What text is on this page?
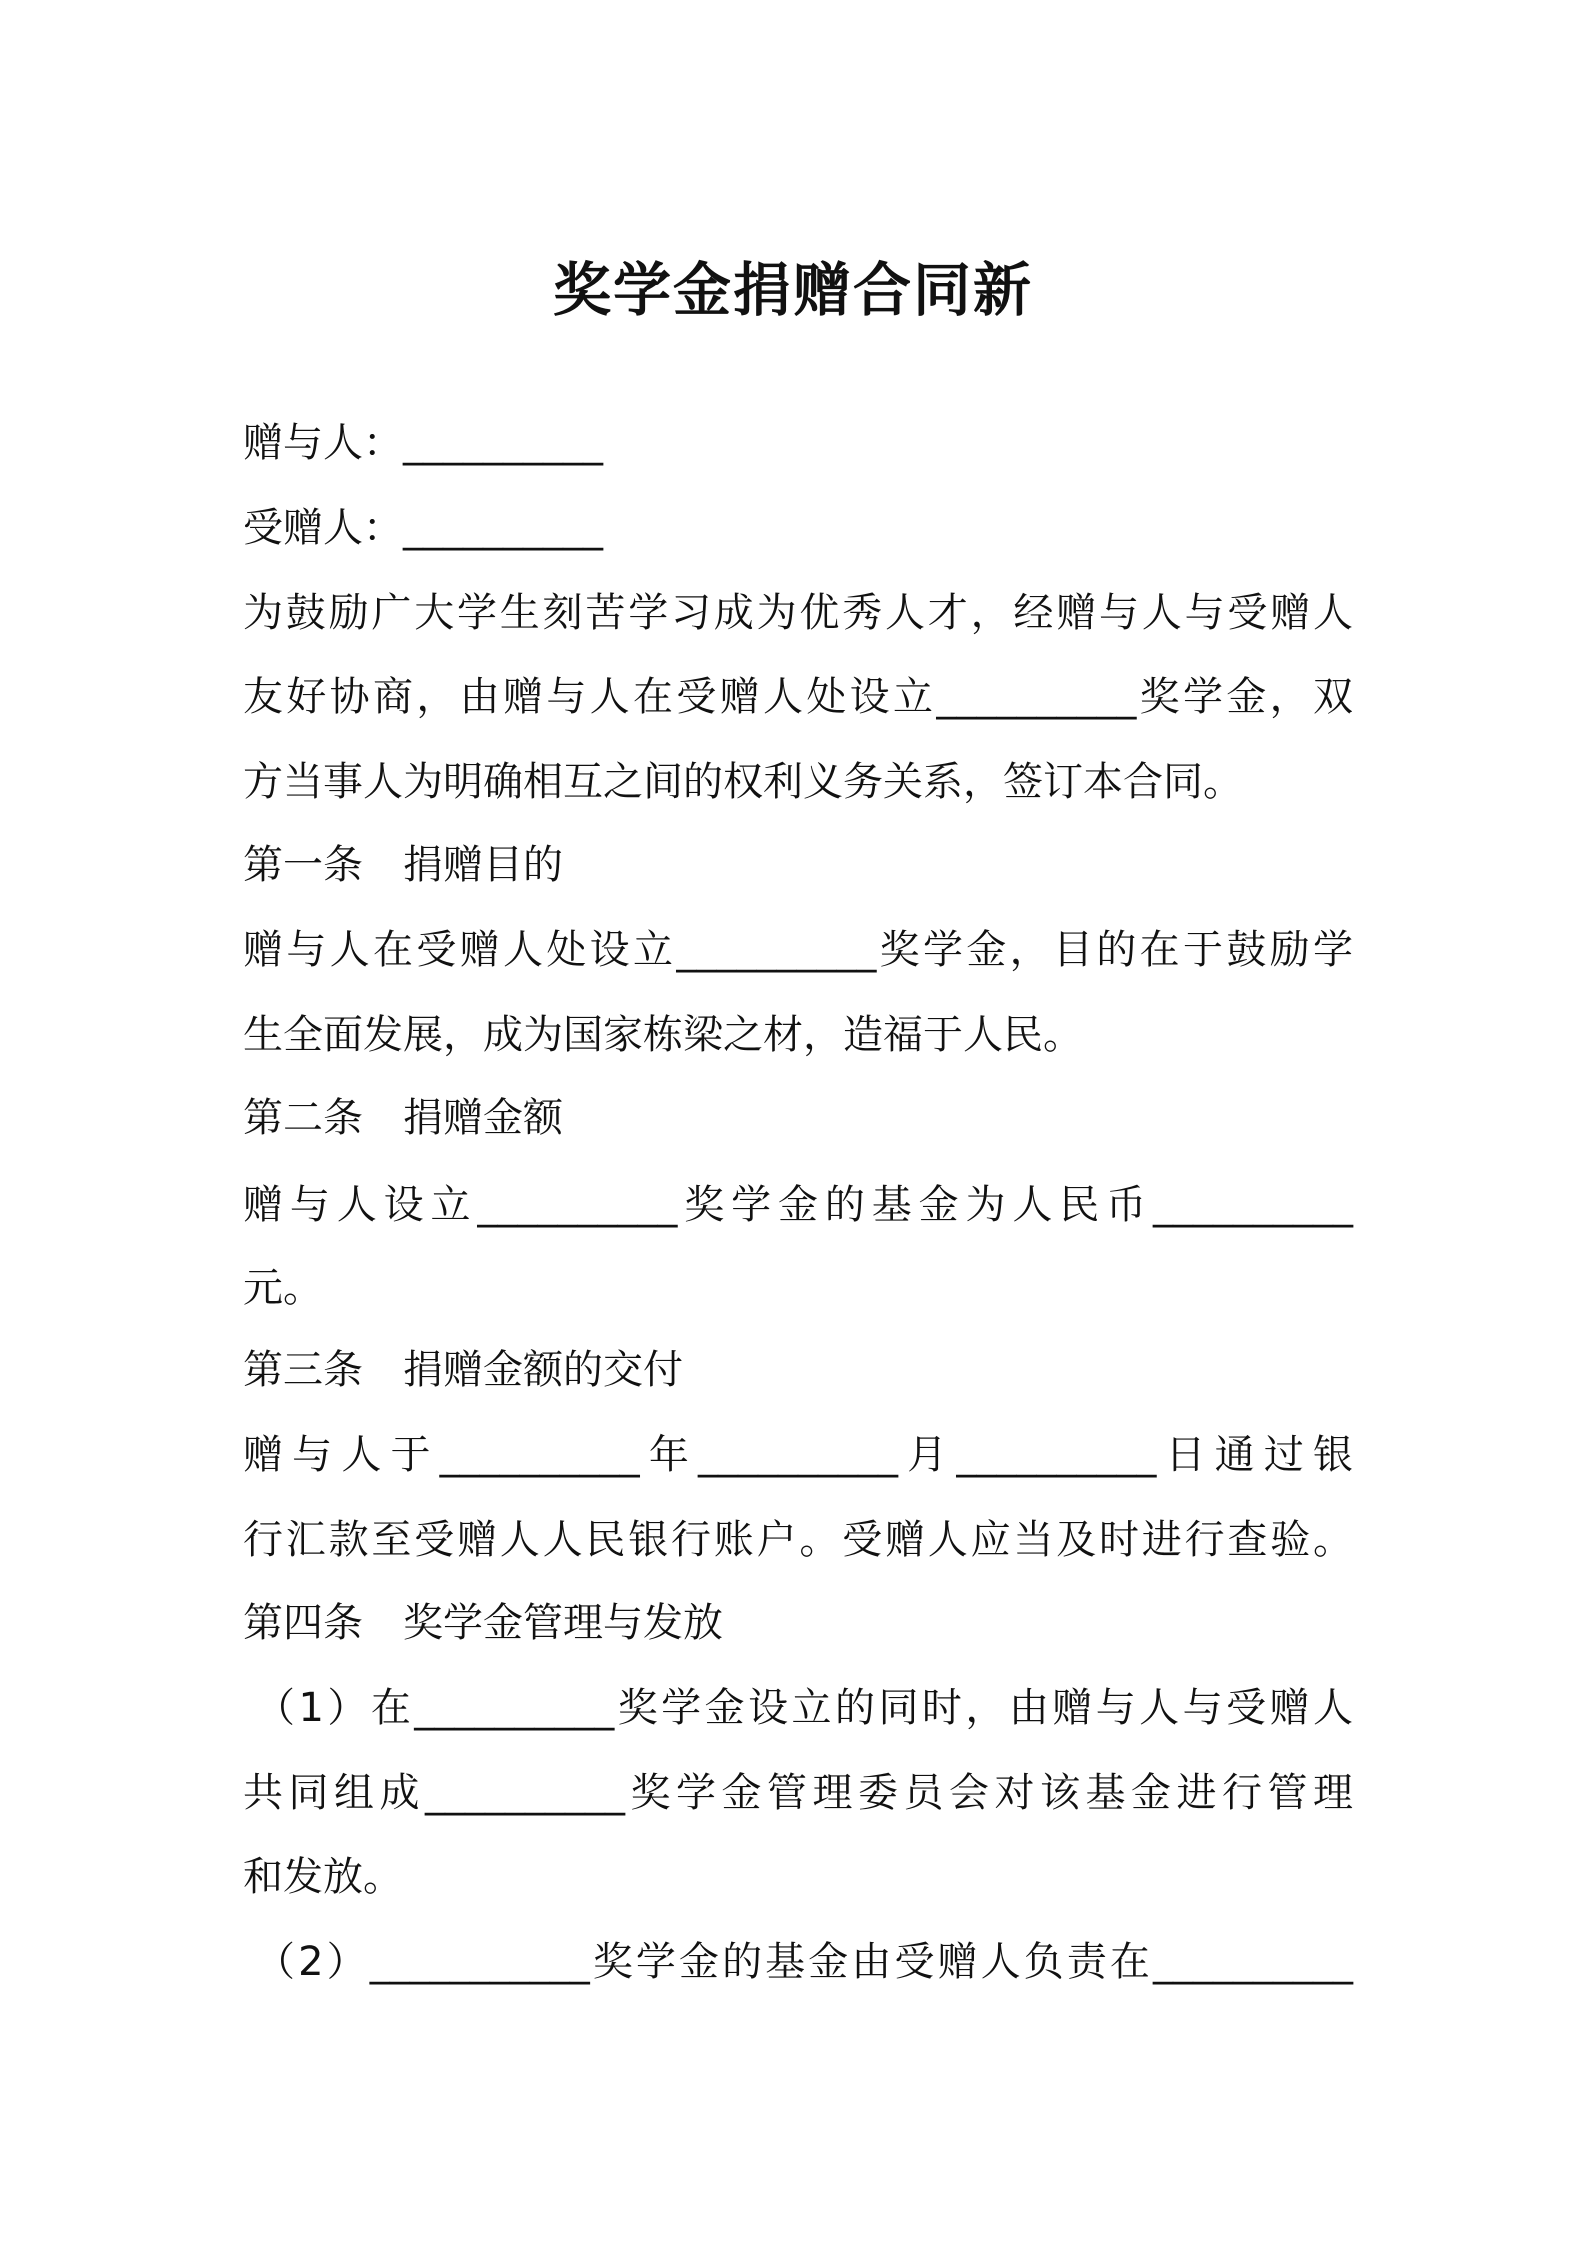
奖学金捐赠合同新

赠与人：__________

受赠人：__________

为鼓励广大学生刻苦学习成为优秀人才，经赠与人与受赠人

友好协商，由赠与人在受赠人处设立__________奖学金，双

方当事人为明确相互之间的权利义务关系，签订本合同。

第一条　捐赠目的

赠与人在受赠人处设立__________奖学金，目的在于鼓励学

生全面发展，成为国家栋梁之材，造福于人民。

第二条　捐赠金额

赠与人设立__________奖学金的基金为人民币__________

元。

第三条　捐赠金额的交付

赠与人于__________年__________月__________日通过银

行汇款至受赠人人民银行账户。受赠人应当及时进行查验。

第四条　奖学金管理与发放

（1）在__________奖学金设立的同时，由赠与人与受赠人

共同组成__________奖学金管理委员会对该基金进行管理

和发放。

（2）___________奖学金的基金由受赠人负责在__________
